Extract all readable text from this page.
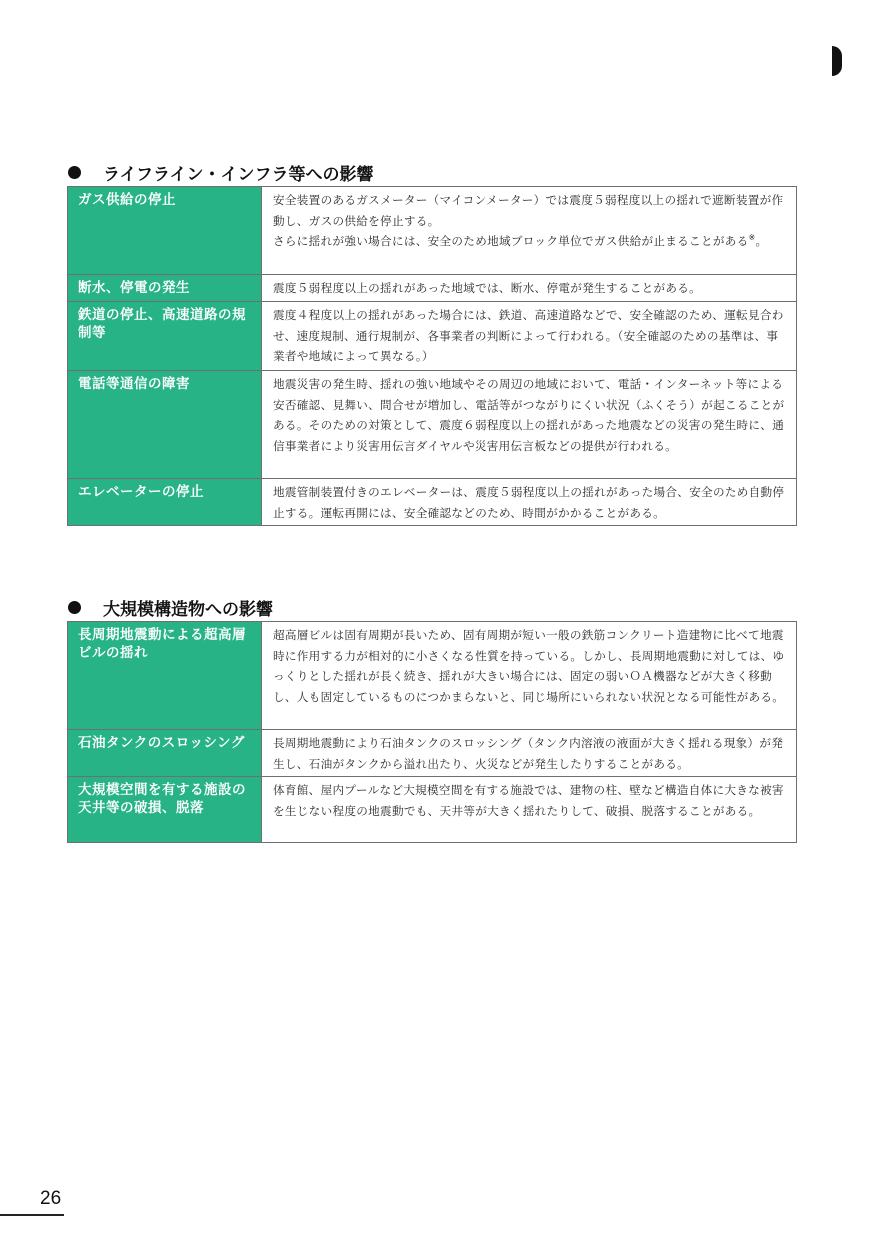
ライフライン・インフラ等への影響
ガス供給の停止	安全装置のあるガスメーター（マイコンメーター）では震度５弱程度以上の揺れで遮断装置が作動し、ガスの供給を停止する。

さらに揺れが強い場合には、安全のため地域ブロック単位でガス供給が止まることがある※。

断水、停電の発生	震度５弱程度以上の揺れがあった地域では、断水、停電が発生することがある。

鉄道の停止、高速道路の規制等	震度４程度以上の揺れがあった場合には、鉄道、高速道路などで、安全確認のため、運転見合わせ、速度規制、通行規制が、各事業者の判断によって行われる。（安全確認のための基準は、事業者や地域によって異なる。）

電話等通信の障害	地震災害の発生時、揺れの強い地域やその周辺の地域において、電話・インターネット等による安否確認、見舞い、問合せが増加し、電話等がつながりにくい状況（ふくそう）が起こることがある。そのための対策として、震度６弱程度以上の揺れがあった地震などの災害の発生時に、通信事業者により災害用伝言ダイヤルや災害用伝言板などの提供が行われる。

エレベーターの停止	地震管制装置付きのエレベーターは、震度５弱程度以上の揺れがあった場合、安全のため自動停止する。運転再開には、安全確認などのため、時間がかかることがある。

大規模構造物への影響
長周期地震動による超高層ビルの揺れ	超高層ビルは固有周期が長いため、固有周期が短い一般の鉄筋コンクリート造建物に比べて地震時に作用する力が相対的に小さくなる性質を持っている。しかし、長周期地震動に対しては、ゆっくりとした揺れが長く続き、揺れが大きい場合には、固定の弱いＯＡ機器などが大きく移動し、人も固定しているものにつかまらないと、同じ場所にいられない状況となる可能性がある。

石油タンクのスロッシング	長周期地震動により石油タンクのスロッシング（タンク内溶液の液面が大きく揺れる現象）が発生し、石油がタンクから溢れ出たり、火災などが発生したりすることがある。

大規模空間を有する施設の天井等の破損、脱落	体育館、屋内プールなど大規模空間を有する施設では、建物の柱、壁など構造自体に大きな被害を生じない程度の地震動でも、天井等が大きく揺れたりして、破損、脱落することがある。

26
